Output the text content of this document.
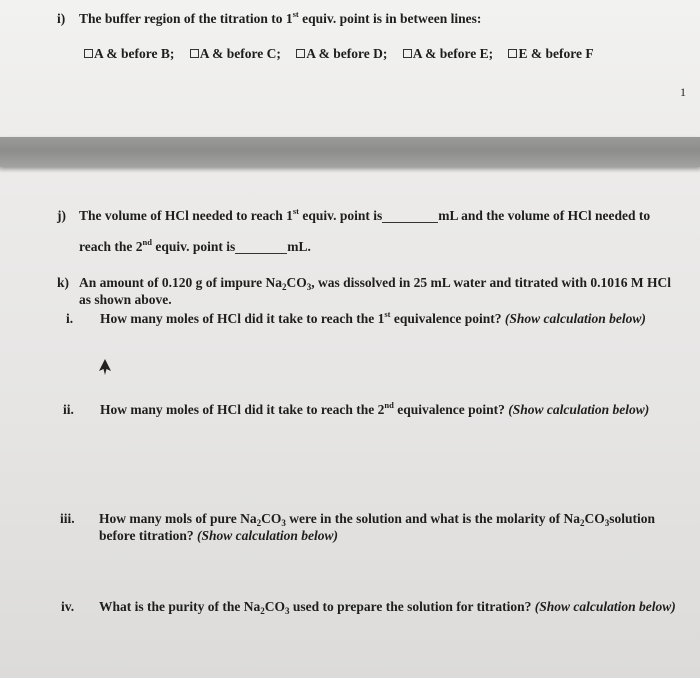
i) The buffer region of the titration to 1st equiv. point is in between lines:
A & before B; A & before C; A & before D; A & before E; E & before F
1
j) The volume of HCl needed to reach 1st equiv. point is	mL and the volume of HCl needed to
reach the 2nd equiv. point is	mL.
k) An amount of 0.120 g of impure $Na_2CO_3$, was dissolved in 25 mL water and titrated with 0.1016 M HCl
as shown above.
i. How many moles of HCl did it take to reach the 1st equivalence point? (Show calculation below)
ii. How many moles of HCl did it take to reach the 2nd equivalence point? (Show calculation below)
iii. How many mols of pure $Na_2CO_3$ were in the solution and what is the molarity of $Na_2CO_3solution$
before titration? (Show calculation below)
iv. What is the purity of the $Na_2CO_3$ used to prepare the solution for titration? (Show calculation below)
